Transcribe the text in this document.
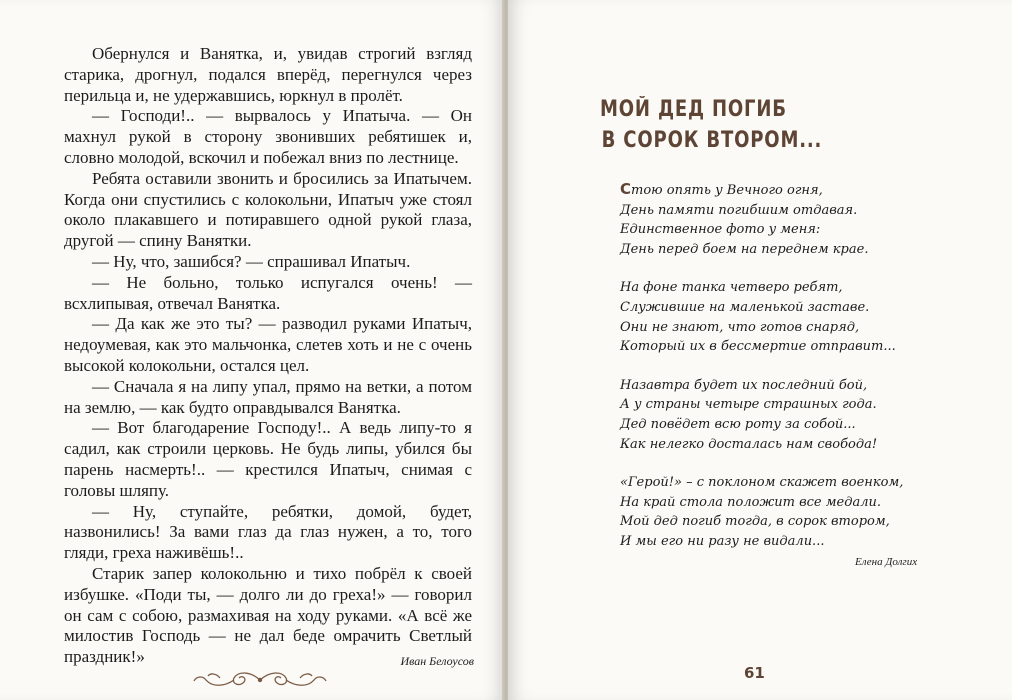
Обернулся и Ванятка, и, увидав строгий взгляд старика, дрогнул, подался вперёд, перегнулся через перильца и, не удержавшись, юркнул в пролёт.

— Господи!.. — вырвалось у Ипатыча. — Он махнул рукой в сторону звонивших ребятишек и, словно молодой, вскочил и побежал вниз по лестнице.

Ребята оставили звонить и бросились за Ипатычем. Когда они спустились с колокольни, Ипатыч уже стоял около плакавшего и потиравшего одной рукой глаза, другой — спину Ванятки.

— Ну, что, зашибся? — спрашивал Ипатыч.

— Не больно, только испугался очень! — всхлипывая, отвечал Ванятка.

— Да как же это ты? — разводил руками Ипатыч, недоумевая, как это мальчонка, слетев хоть и не с очень высокой колокольни, остался цел.

— Сначала я на липу упал, прямо на ветки, а потом на землю, — как будто оправдывался Ванятка.

— Вот благодарение Господу!.. А ведь липу-то я садил, как строили церковь. Не будь липы, убился бы парень насмерть!.. — крестился Ипатыч, снимая с головы шляпу.

— Ну, ступайте, ребятки, домой, будет, назвонились! За вами глаз да глаз нужен, а то, того гляди, греха наживёшь!..

Старик запер колокольню и тихо побрёл к своей избушке. «Поди ты, — долго ли до греха!» — говорил он сам с собою, размахивая на ходу руками. «А всё же милостив Господь — не дал беде омрачить Светлый праздник!»	Иван Белоусов
МОЙ ДЕД ПОГИБ
В СОРОК ВТОРОМ...
Стою опять у Вечного огня,
День памяти погибшим отдавая.
Единственное фото у меня:
День перед боем на переднем крае.
На фоне танка четверо ребят,
Служившие на маленькой заставе.
Они не знают, что готов снаряд,
Который их в бессмертие отправит...
Назавтра будет их последний бой,
А у страны четыре страшных года.
Дед повёдет всю роту за собой...
Как нелегко досталась нам свобода!
«Герой!» – с поклоном скажет военком,
На край стола положит все медали.
Мой дед погиб тогда, в сорок втором,
И мы его ни разу не видали...
Елена Долгих
61
